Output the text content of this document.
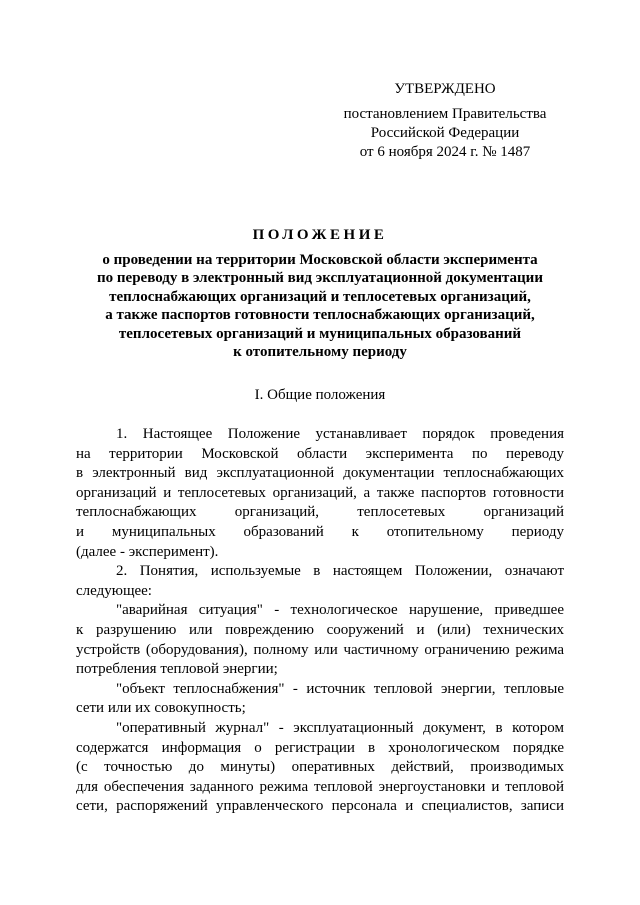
УТВЕРЖДЕНО
постановлением Правительства
Российской Федерации
от 6 ноября 2024 г. № 1487
ПОЛОЖЕНИЕ
о проведении на территории Московской области эксперимента
по переводу в электронный вид эксплуатационной документации
теплоснабжающих организаций и теплосетевых организаций,
а также паспортов готовности теплоснабжающих организаций,
теплосетевых организаций и муниципальных образований
к отопительному периоду
I. Общие положения
1. Настоящее Положение устанавливает порядок проведения
на территории Московской области эксперимента по переводу
в электронный вид эксплуатационной документации теплоснабжающих
организаций и теплосетевых организаций, а также паспортов готовности
теплоснабжающих организаций, теплосетевых организаций
и муниципальных образований к отопительному периоду
(далее - эксперимент).
2. Понятия, используемые в настоящем Положении, означают
следующее:
"аварийная ситуация" - технологическое нарушение, приведшее
к разрушению или повреждению сооружений и (или) технических
устройств (оборудования), полному или частичному ограничению режима
потребления тепловой энергии;
"объект теплоснабжения" - источник тепловой энергии, тепловые
сети или их совокупность;
"оперативный журнал" - эксплуатационный документ, в котором
содержатся информация о регистрации в хронологическом порядке
(с точностью до минуты) оперативных действий, производимых
для обеспечения заданного режима тепловой энергоустановки и тепловой
сети, распоряжений управленческого персонала и специалистов, записи
